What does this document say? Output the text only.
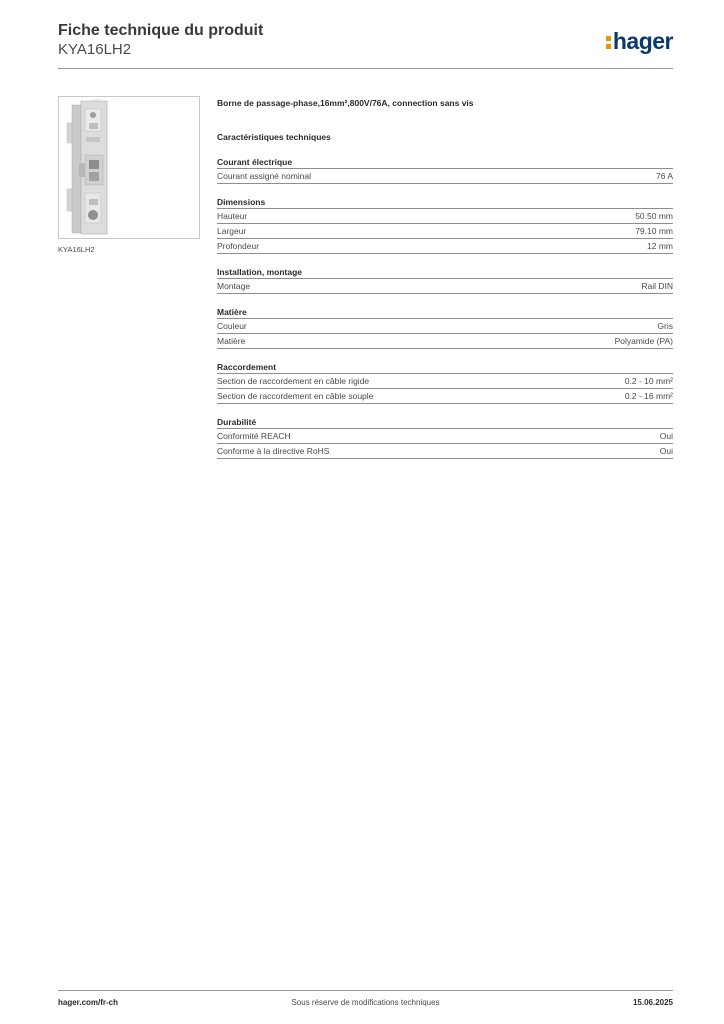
Fiche technique du produit
KYA16LH2	hager
KYA16LH2
Borne de passage-phase,16mm²,800V/76A, connection sans vis
Caractéristiques techniques
Courant électrique
Courant assigné nominal	76 A
Dimensions
Hauteur	50.50 mm
Largeur	79.10 mm
Profondeur	12 mm
Installation, montage
Montage	Rail DIN
Matière
Couleur	Gris
Matière	Polyamide (PA)
Raccordement
Section de raccordement en câble rigide	0.2 - 10 mm²
Section de raccordement en câble souple	0.2 - 16 mm²
Durabilité
Conformité REACH	Oui
Conforme à la directive RoHS	Oui
hager.com/fr-ch	Sous réserve de modifications techniques	15.06.2025
